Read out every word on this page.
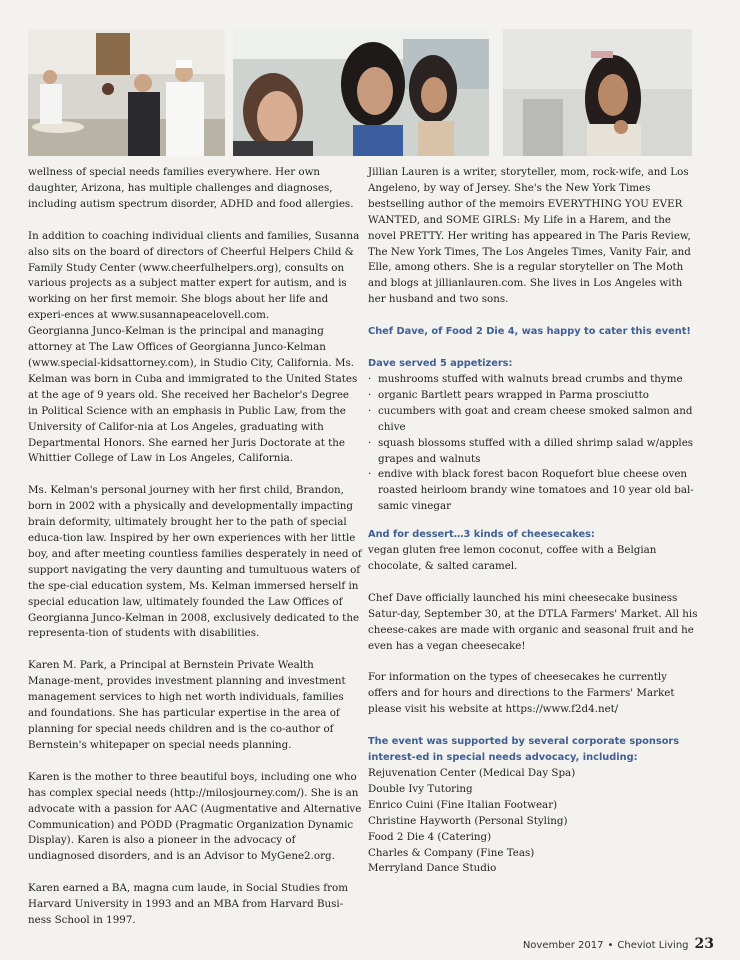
wellness of special needs families everywhere. Her own daughter, Arizona, has multiple challenges and diagnoses, including autism spectrum disorder, ADHD and food allergies.

In addition to coaching individual clients and families, Susanna also sits on the board of directors of Cheerful Helpers Child & Family Study Center (www.cheerfulhelpers.org), consults on various projects as a subject matter expert for autism, and is working on her first memoir. She blogs about her life and experi-ences at www.susannapeacelovell.com.

Georgianna Junco-Kelman is the principal and managing attorney at The Law Offices of Georgianna Junco-Kelman (www.special-kidsattorney.com), in Studio City, California. Ms. Kelman was born in Cuba and immigrated to the United States at the age of 9 years old. She received her Bachelor's Degree in Political Science with an emphasis in Public Law, from the University of Califor-nia at Los Angeles, graduating with Departmental Honors. She earned her Juris Doctorate at the Whittier College of Law in Los Angeles, California.

Ms. Kelman's personal journey with her first child, Brandon, born in 2002 with a physically and developmentally impacting brain deformity, ultimately brought her to the path of special educa-tion law. Inspired by her own experiences with her little boy, and after meeting countless families desperately in need of support navigating the very daunting and tumultuous waters of the spe-cial education system, Ms. Kelman immersed herself in special education law, ultimately founded the Law Offices of Georgianna Junco-Kelman in 2008, exclusively dedicated to the representa-tion of students with disabilities.

Karen M. Park, a Principal at Bernstein Private Wealth Manage-ment, provides investment planning and investment management services to high net worth individuals, families and foundations. She has particular expertise in the area of planning for special needs children and is the co-author of Bernstein's whitepaper on special needs planning.

Karen is the mother to three beautiful boys, including one who has complex special needs (http://milosjourney.com/). She is an advocate with a passion for AAC (Augmentative and Alternative Communication) and PODD (Pragmatic Organization Dynamic Display). Karen is also a pioneer in the advocacy of undiagnosed disorders, and is an Advisor to MyGene2.org.

Karen earned a BA, magna cum laude, in Social Studies from Harvard University in 1993 and an MBA from Harvard Busi-ness School in 1997.

Jillian Lauren is a writer, storyteller, mom, rock-wife, and Los Angeleno, by way of Jersey. She's the New York Times bestselling author of the memoirs EVERYTHING YOU EVER WANTED, and SOME GIRLS: My Life in a Harem, and the novel PRETTY. Her writing has appeared in The Paris Review, The New York Times, The Los Angeles Times, Vanity Fair, and Elle, among others. She is a regular storyteller on The Moth and blogs at jillianlauren.com. She lives in Los Angeles with her husband and two sons.

Chef Dave, of Food 2 Die 4, was happy to cater this event!

Dave served 5 appetizers:

· mushrooms stuffed with walnuts bread crumbs and thyme
· organic Bartlett pears wrapped in Parma prosciutto
· cucumbers with goat and cream cheese smoked salmon and chive
· squash blossoms stuffed with a dilled shrimp salad w/apples grapes and walnuts
· endive with black forest bacon Roquefort blue cheese oven roasted heirloom brandy wine tomatoes and 10 year old bal-samic vinegar

And for dessert…3 kinds of cheesecakes:

vegan gluten free lemon coconut, coffee with a Belgian chocolate, & salted caramel.

Chef Dave officially launched his mini cheesecake business Satur-day, September 30, at the DTLA Farmers' Market. All his cheese-cakes are made with organic and seasonal fruit and he even has a vegan cheesecake!

For information on the types of cheesecakes he currently offers and for hours and directions to the Farmers' Market please visit his website at https://www.f2d4.net/

The event was supported by several corporate sponsors interest-ed in special needs advocacy, including:

Rejuvenation Center (Medical Day Spa)
Double Ivy Tutoring
Enrico Cuini (Fine Italian Footwear)
Christine Hayworth (Personal Styling)
Food 2 Die 4 (Catering)
Charles & Company (Fine Teas)
Merryland Dance Studio
November 2017 • Cheviot Living 23
